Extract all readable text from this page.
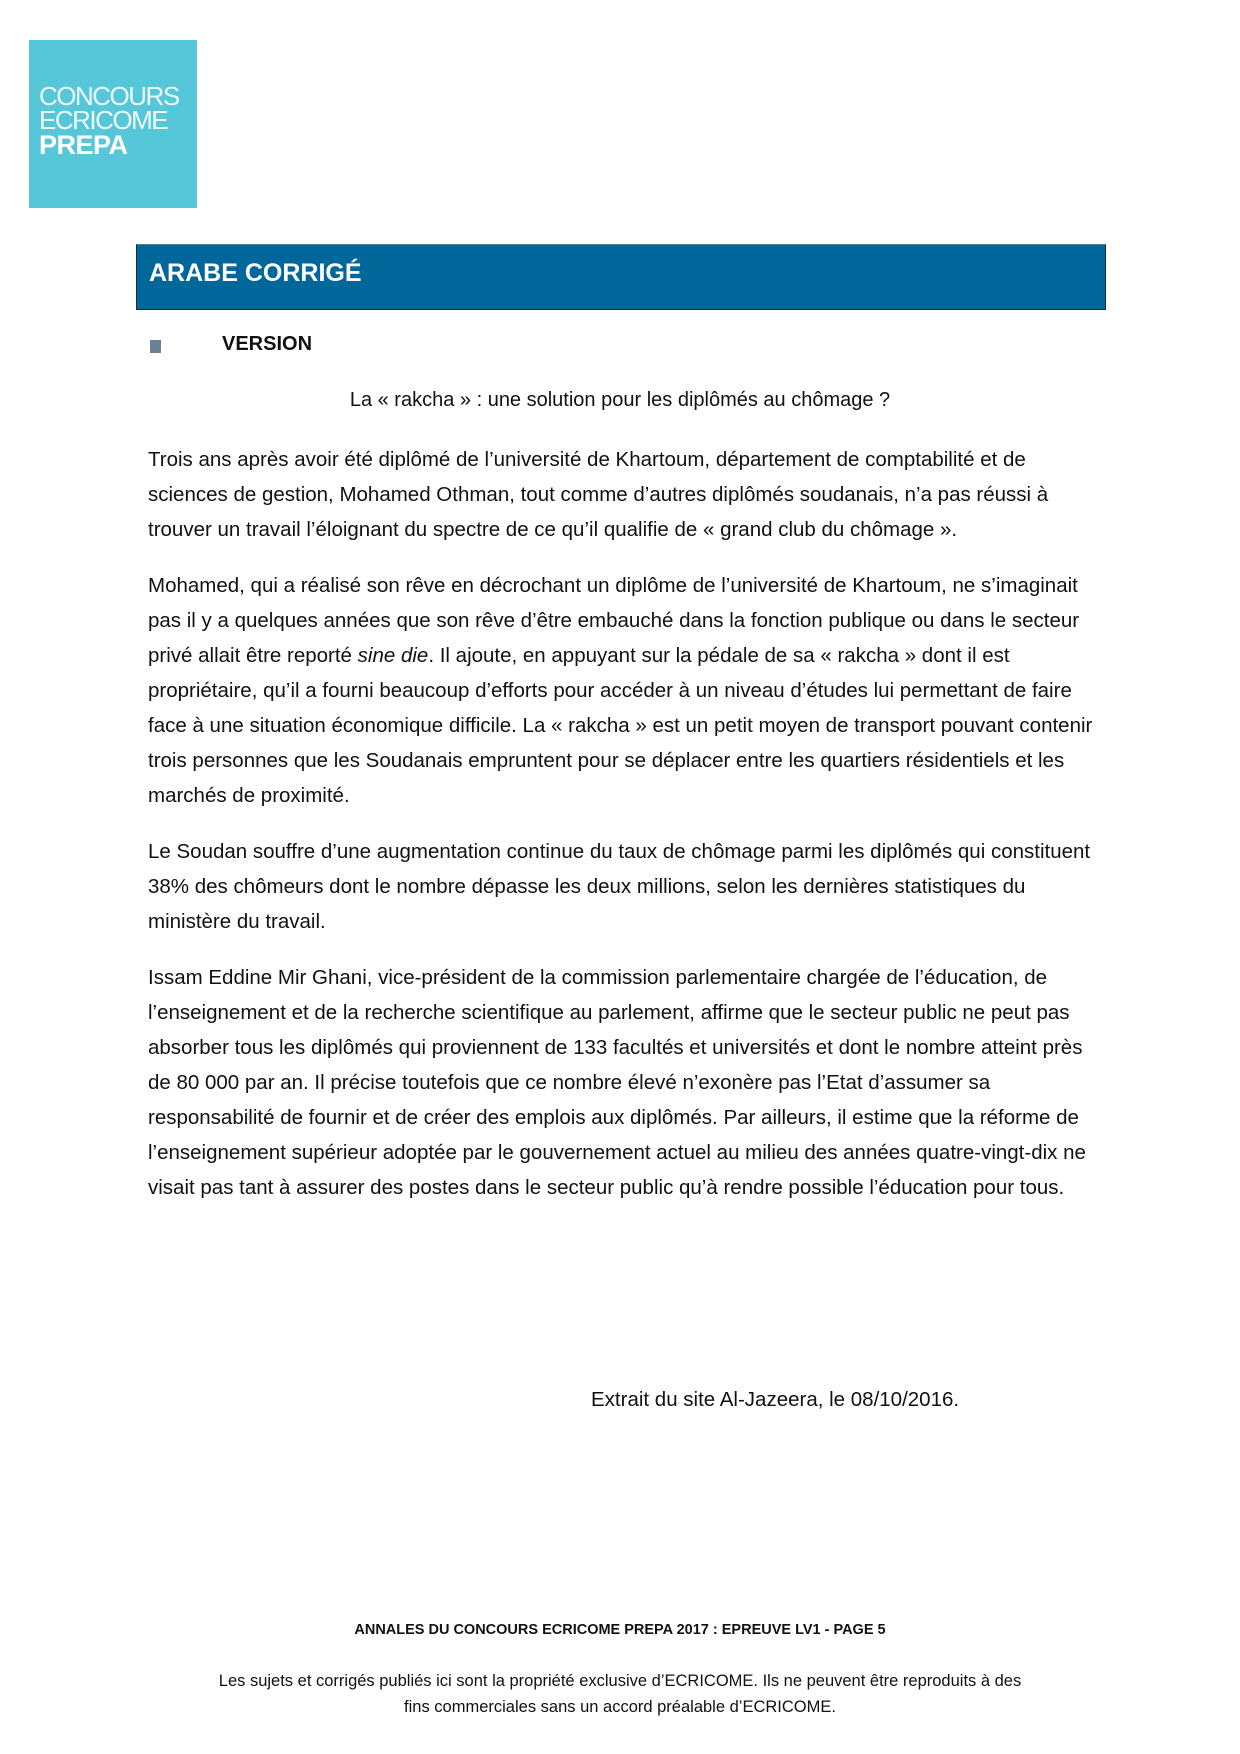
CONCOURS
ECRICOME
PREPA
ARABE CORRIGÉ
VERSION
La « rakcha » : une solution pour les diplômés au chômage ?

Trois ans après avoir été diplômé de l’université de Khartoum, département de comptabilité et de sciences de gestion, Mohamed Othman, tout comme d’autres diplômés soudanais, n’a pas réussi à trouver un travail l’éloignant du spectre de ce qu’il qualifie de « grand club du chômage ».

Mohamed, qui a réalisé son rêve en décrochant un diplôme de l’université de Khartoum, ne s’imaginait pas il y a quelques années que son rêve d’être embauché dans la fonction publique ou dans le secteur privé allait être reporté sine die. Il ajoute, en appuyant sur la pédale de sa « rakcha » dont il est propriétaire, qu’il a fourni beaucoup d’efforts pour accéder à un niveau d’études lui permettant de faire face à une situation économique difficile. La « rakcha » est un petit moyen de transport pouvant contenir trois personnes que les Soudanais empruntent pour se déplacer entre les quartiers résidentiels et les marchés de proximité.

Le Soudan souffre d’une augmentation continue du taux de chômage parmi les diplômés qui constituent 38% des chômeurs dont le nombre dépasse les deux millions, selon les dernières statistiques du ministère du travail.

Issam Eddine Mir Ghani, vice-président de la commission parlementaire chargée de l’éducation, de l’enseignement et de la recherche scientifique au parlement, affirme que le secteur public ne peut pas absorber tous les diplômés qui proviennent de 133 facultés et universités et dont le nombre atteint près de 80 000 par an. Il précise toutefois que ce nombre élevé n’exonère pas l’Etat d’assumer sa responsabilité de fournir et de créer des emplois aux diplômés. Par ailleurs, il estime que la réforme de l’enseignement supérieur adoptée par le gouvernement actuel au milieu des années quatre-vingt-dix ne visait pas tant à assurer des postes dans le secteur public qu’à rendre possible l’éducation pour tous.

Extrait du site Al-Jazeera, le 08/10/2016.
ANNALES DU CONCOURS ECRICOME PREPA 2017 : EPREUVE LV1 - PAGE 5
Les sujets et corrigés publiés ici sont la propriété exclusive d’ECRICOME. Ils ne peuvent être reproduits à des
fins commerciales sans un accord préalable d’ECRICOME.
